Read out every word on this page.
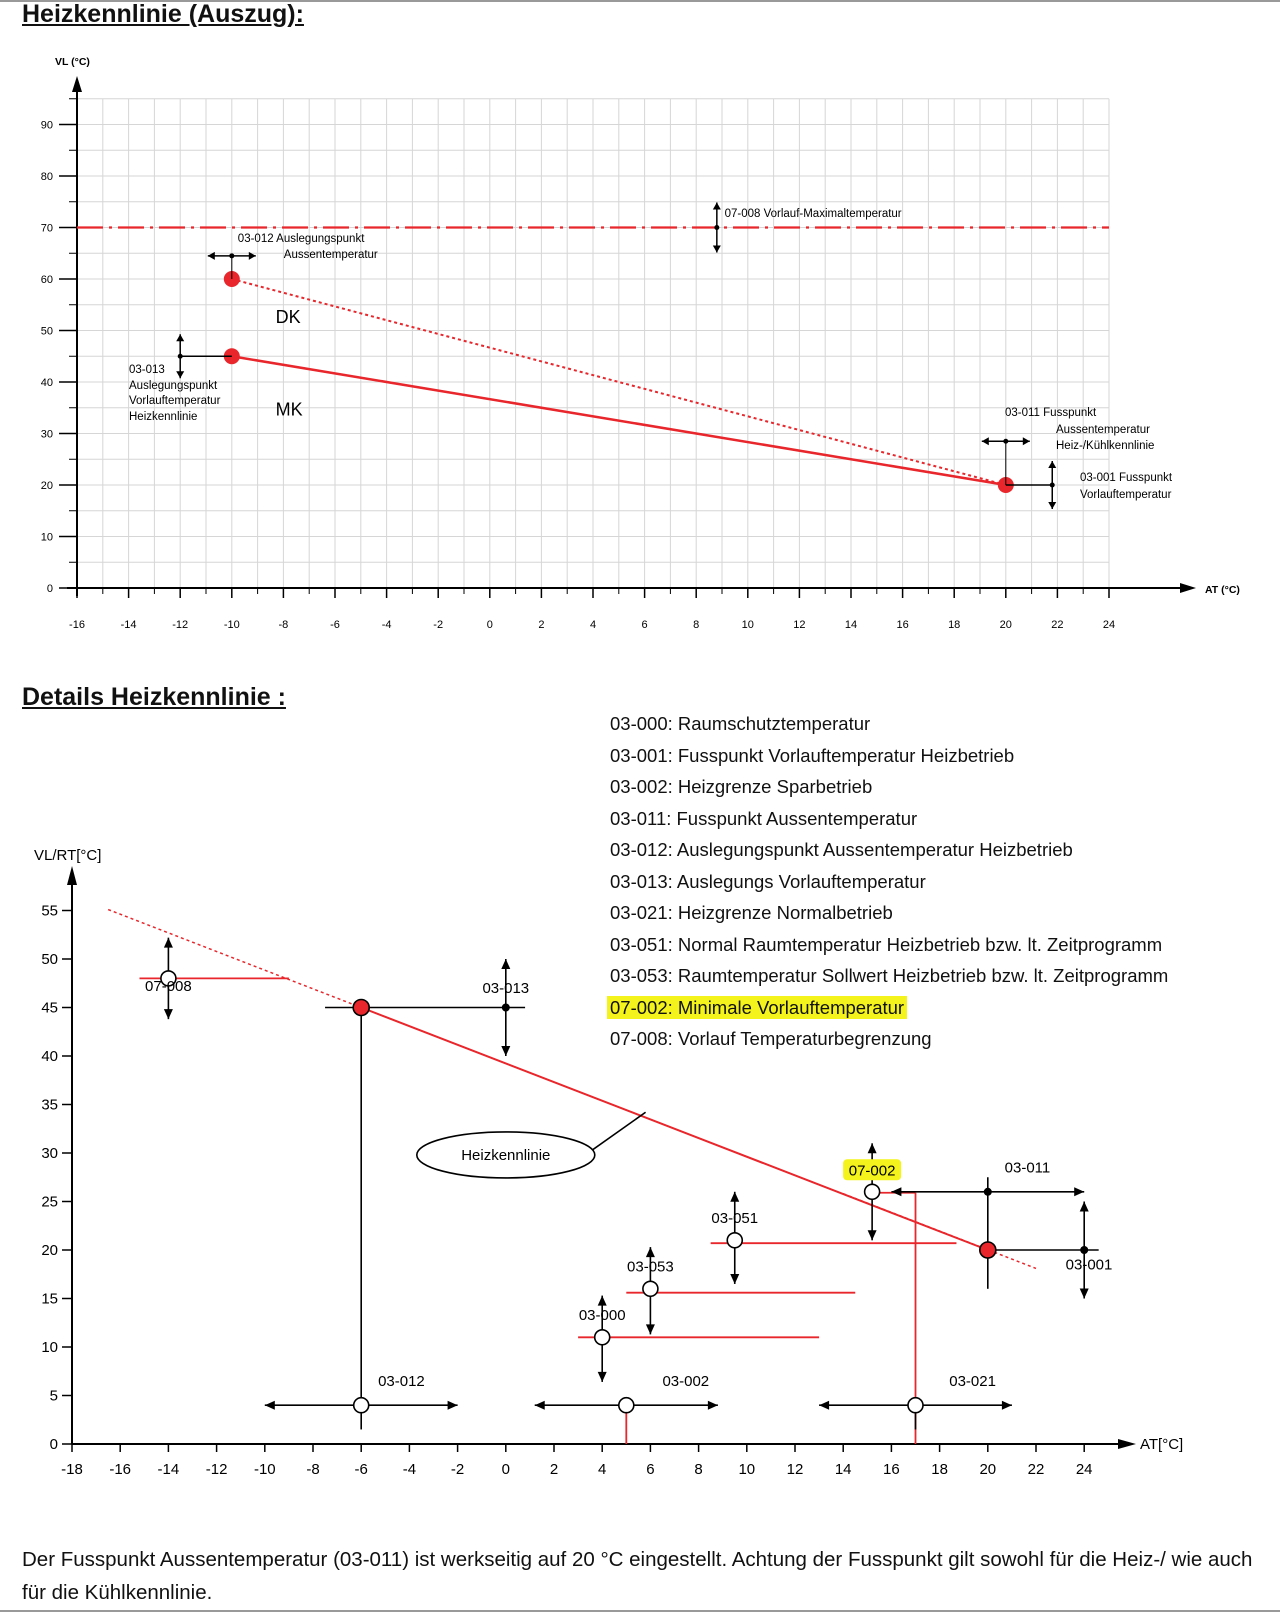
Heizkennlinie (Auszug):
-16	-14	-12	-10	-8	-6	-4	-2	0	2	4	6	8	10	12	14	16	18	20	22	24
0
10
20
30
40
50
60
70
80
90
VL (°C)
AT (°C)
DK
MK
07-008 Vorlauf-Maximaltemperatur
03-012 Auslegungspunkt
Aussentemperatur
03-013
Auslegungspunkt
Vorlauftemperatur
Heizkennlinie	03-011 Fusspunkt
Aussentemperatur
Heiz-/Kühlkennlinie
03-001 Fusspunkt
Vorlauftemperatur
Details Heizkennlinie :
-18 -16 -14 -12 -10 -8 -6 -4 -2 0	2	4	6	8 10 12 14 16 18 20 22 24
0
5
10
15
20
25
30
35
40
45
50
55
VL/RT[°C]
AT[°C]
07-008	03-013
03-012
03-000
03-002
03-053
03-051
07-002
03-021
03-011
03-001
Heizkennlinie
03-000: Raumschutztemperatur
03-001: Fusspunkt Vorlauftemperatur Heizbetrieb
03-002: Heizgrenze Sparbetrieb
03-011: Fusspunkt Aussentemperatur
03-012: Auslegungspunkt Aussentemperatur Heizbetrieb
03-013: Auslegungs Vorlauftemperatur
03-021: Heizgrenze Normalbetrieb
03-051: Normal Raumtemperatur Heizbetrieb bzw. lt. Zeitprogramm
03-053: Raumtemperatur Sollwert Heizbetrieb bzw. lt. Zeitprogramm
07-002: Minimale Vorlauftemperatur
07-008: Vorlauf Temperaturbegrenzung

Der Fusspunkt Aussentemperatur (03-011) ist werkseitig auf 20 °C eingestellt. Achtung der Fusspunkt gilt sowohl für die Heiz-/ wie auch für die Kühlkennlinie.
